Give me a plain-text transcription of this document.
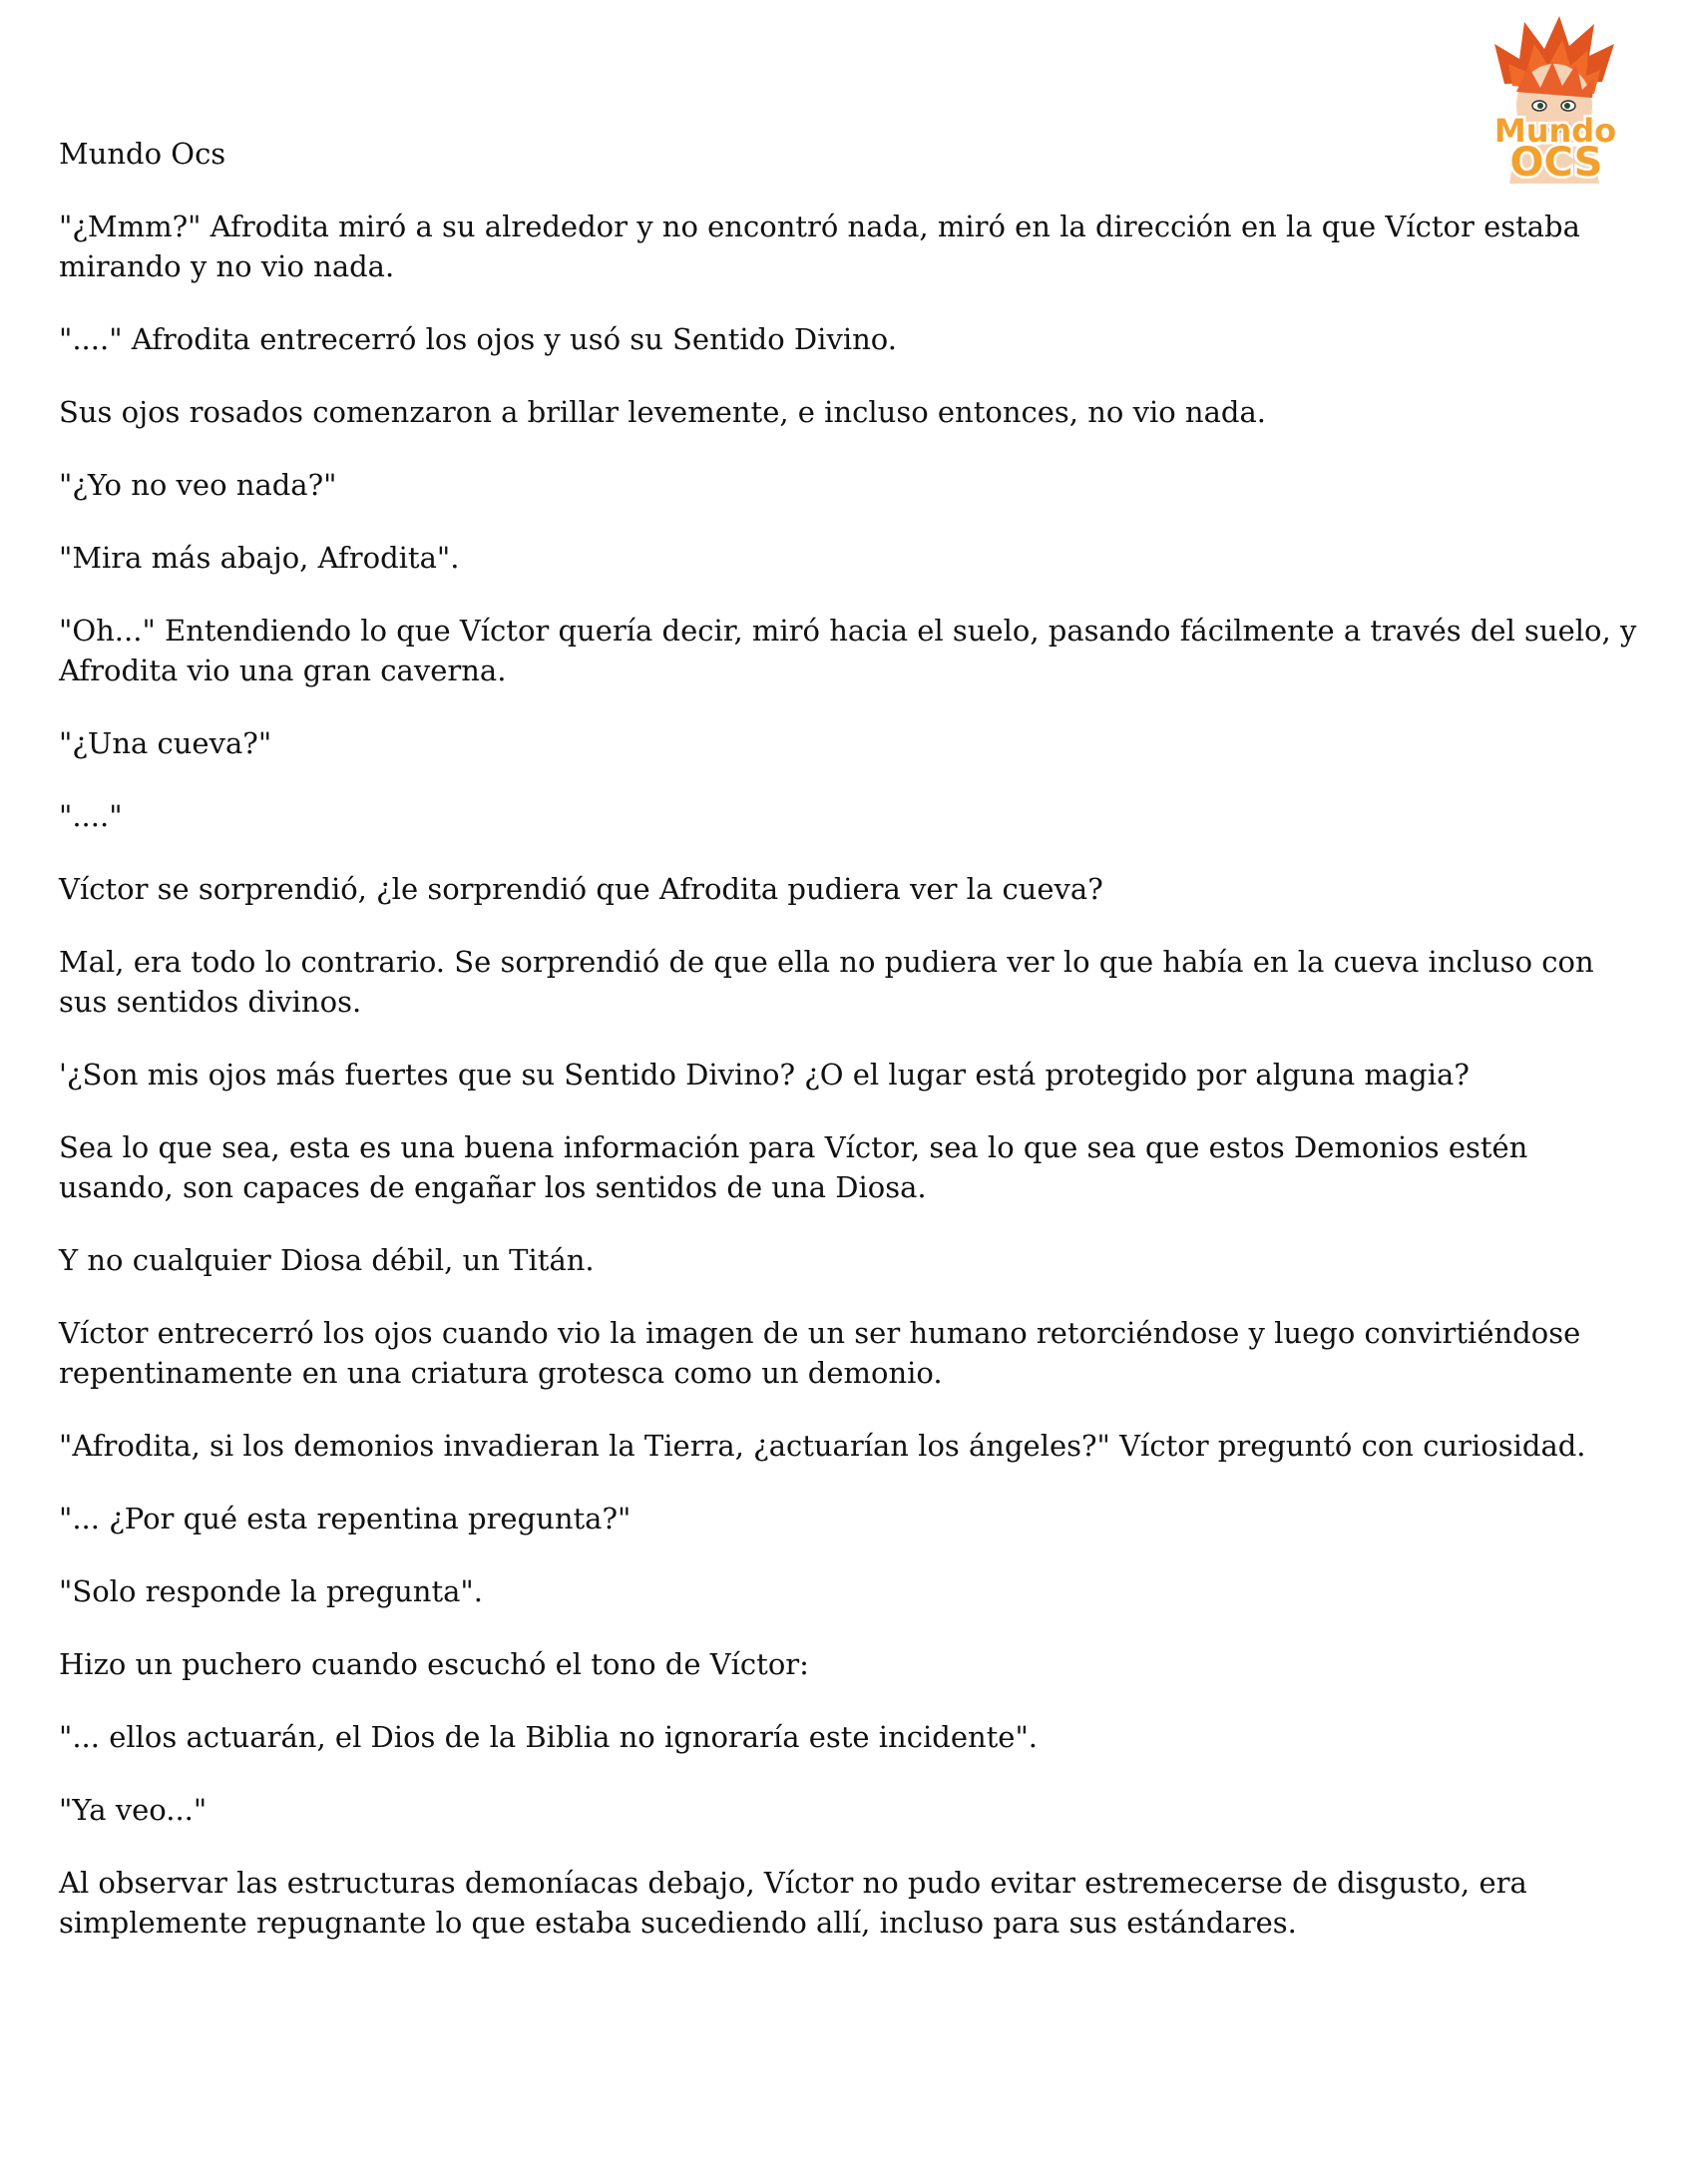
Mundo
OCS

Mundo Ocs

"¿Mmm?" Afrodita miró a su alrededor y no encontró nada, miró en la dirección en la que Víctor estaba mirando y no vio nada.

"...." Afrodita entrecerró los ojos y usó su Sentido Divino.

Sus ojos rosados comenzaron a brillar levemente, e incluso entonces, no vio nada.

"¿Yo no veo nada?"

"Mira más abajo, Afrodita".

"Oh..." Entendiendo lo que Víctor quería decir, miró hacia el suelo, pasando fácilmente a través del suelo, y Afrodita vio una gran caverna.

"¿Una cueva?"

"...."

Víctor se sorprendió, ¿le sorprendió que Afrodita pudiera ver la cueva?

Mal, era todo lo contrario. Se sorprendió de que ella no pudiera ver lo que había en la cueva incluso con sus sentidos divinos.

'¿Son mis ojos más fuertes que su Sentido Divino? ¿O el lugar está protegido por alguna magia?

Sea lo que sea, esta es una buena información para Víctor, sea lo que sea que estos Demonios estén usando, son capaces de engañar los sentidos de una Diosa.

Y no cualquier Diosa débil, un Titán.

Víctor entrecerró los ojos cuando vio la imagen de un ser humano retorciéndose y luego convirtiéndose repentinamente en una criatura grotesca como un demonio.

"Afrodita, si los demonios invadieran la Tierra, ¿actuarían los ángeles?" Víctor preguntó con curiosidad.

"... ¿Por qué esta repentina pregunta?"

"Solo responde la pregunta".

Hizo un puchero cuando escuchó el tono de Víctor:

"... ellos actuarán, el Dios de la Biblia no ignoraría este incidente".

"Ya veo..."

Al observar las estructuras demoníacas debajo, Víctor no pudo evitar estremecerse de disgusto, era simplemente repugnante lo que estaba sucediendo allí, incluso para sus estándares.
